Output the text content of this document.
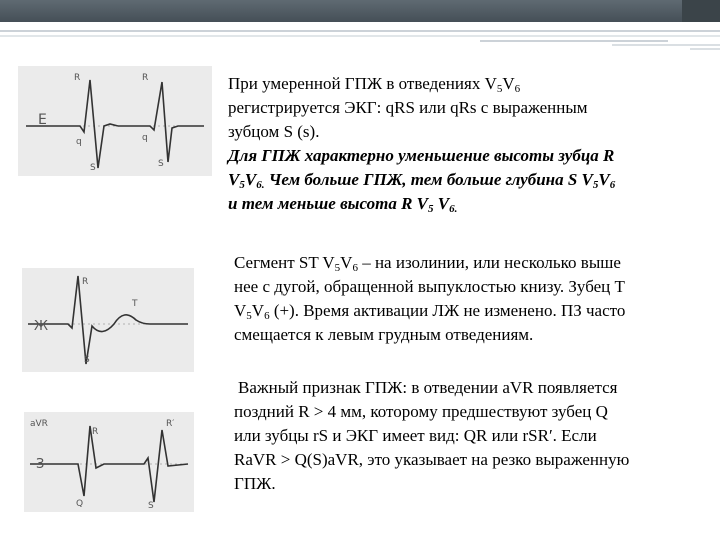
E
R
q
S
R
q
S
Ж
R
T
S
aVR
З
R
R′
Q	S

При умеренной ГПЖ в отведениях $V_5V_6$

регистрируется ЭКГ: qRS или qRs с выраженным

зубцом S (s).

Для ГПЖ характерно уменьшение высоты зубца R

$V_5V_{6.}$ Чем больше ГПЖ, тем больше глубина S $V_5V_6$

и тем меньше высота R $V_5$ $V_{6.}$

Сегмент ST $V_5V_6$ – на изолинии, или несколько выше

нее с дугой, обращенной выпуклостью книзу. Зубец T

$V_5V_6$ (+). Время активации ЛЖ не изменено. ПЗ часто

смещается к левым грудным отведениям.

Важный признак ГПЖ: в отведении aVR появляется

поздний R > 4 мм, которому предшествуют зубец Q

или зубцы rS и ЭКГ имеет вид: QR или rSR′. Если

RaVR > Q(S)aVR, это указывает на резко выраженную

ГПЖ.
